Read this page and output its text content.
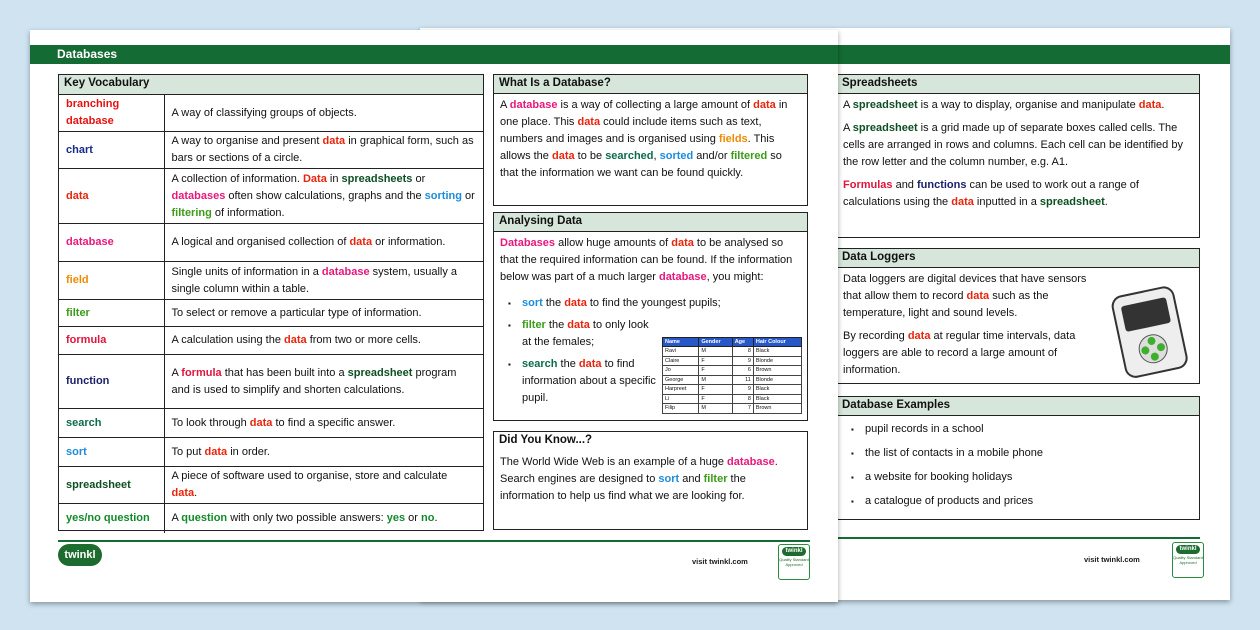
Spreadsheets

A spreadsheet is a way to display, organise and manipulate data.

A spreadsheet is a grid made up of separate boxes called cells. The cells are arranged in rows and columns. Each cell can be identified by the row letter and the column number, e.g. A1.

Formulas and functions can be used to work out a range of calculations using the data inputted in a spreadsheet.

Data Loggers

Data loggers are digital devices that have sensors that allow them to record data such as the temperature, light and sound levels.

By recording data at regular time intervals, data loggers are able to record a large amount of information.

Database Examples
▪ pupil records in a school
▪ the list of contacts in a mobile phone
▪ a website for booking holidays
▪ a catalogue of products and prices
visit twinkl.com
twinkl
Quality Standard Approved
Databases
Key Vocabulary
branching database	A way of classifying groups of objects.
chart	A way to organise and present data in graphical form, such as bars or sections of a circle.
data	A collection of information. Data in spreadsheets or databases often show calculations, graphs and the sorting or filtering of information.
database	A logical and organised collection of data or information.
field	Single units of information in a database system, usually a single column within a table.
filter	To select or remove a particular type of information.
formula	A calculation using the data from two or more cells.
function	A formula that has been built into a spreadsheet program and is used to simplify and shorten calculations.
search	To look through data to find a specific answer.
sort	To put data in order.
spreadsheet	A piece of software used to organise, store and calculate data.
yes/no question	A question with only two possible answers: yes or no.
What Is a Database?

A database is a way of collecting a large amount of data in one place. This data could include items such as text, numbers and images and is organised using fields. This allows the data to be searched, sorted and/or filtered so that the information we want can be found quickly.

Analysing Data

Databases allow huge amounts of data to be analysed so that the required information can be found. If the information below was part of a much larger database, you might:

▪ sort the data to find the youngest pupils;
▪ filter the data to only look at the females;
▪ search the data to find information about a specific pupil.
Name	Gender	Age	Hair Colour
Ravi	M	8	Black
Claire	F	9	Blonde
Jo	F	6	Brown
George	M	11	Blonde
Harpreet	F	9	Black
Li	F	8	Black
Filip	M	7	Brown
Did You Know...?

The World Wide Web is an example of a huge database. Search engines are designed to sort and filter the information to help us find what we are looking for.

twinkl
visit twinkl.com
twinkl
Quality Standard Approved
